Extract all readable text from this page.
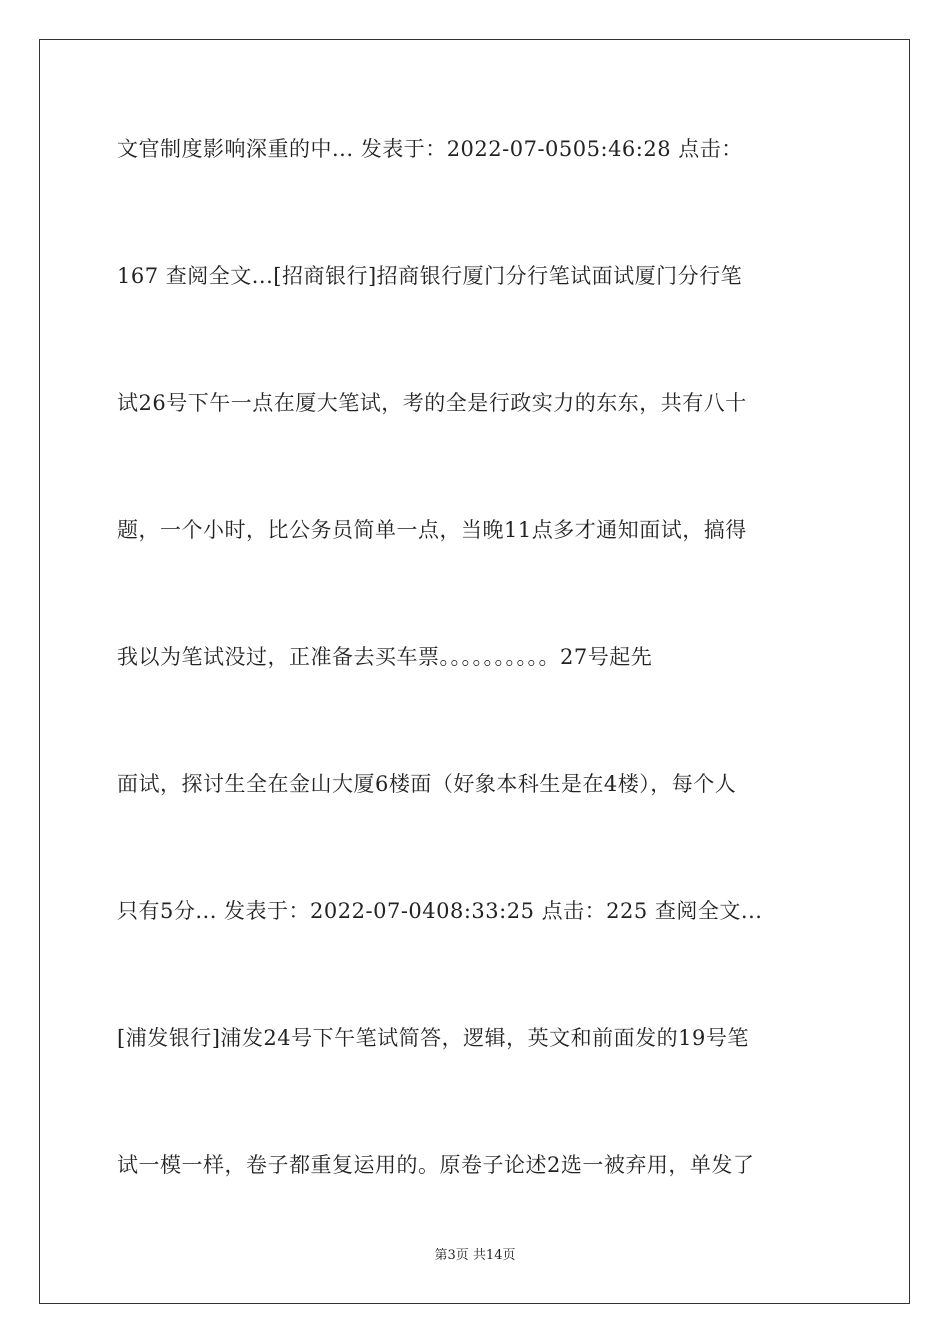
文官制度影响深重的中... 发表于：2022-07-0505:46:28 点击：
167 查阅全文...[招商银行]招商银行厦门分行笔试面试厦门分行笔
试26号下午一点在厦大笔试，考的全是行政实力的东东，共有八十
题，一个小时，比公务员简单一点，当晚11点多才通知面试，搞得
我以为笔试没过，正准备去买车票。。。。。。。。。。27号起先
面试，探讨生全在金山大厦6楼面（好象本科生是在4楼），每个人
只有5分... 发表于：2022-07-0408:33:25 点击：225 查阅全文...
[浦发银行]浦发24号下午笔试简答，逻辑，英文和前面发的19号笔
试一模一样，卷子都重复运用的。原卷子论述2选一被弃用，单发了
第3页 共14页
